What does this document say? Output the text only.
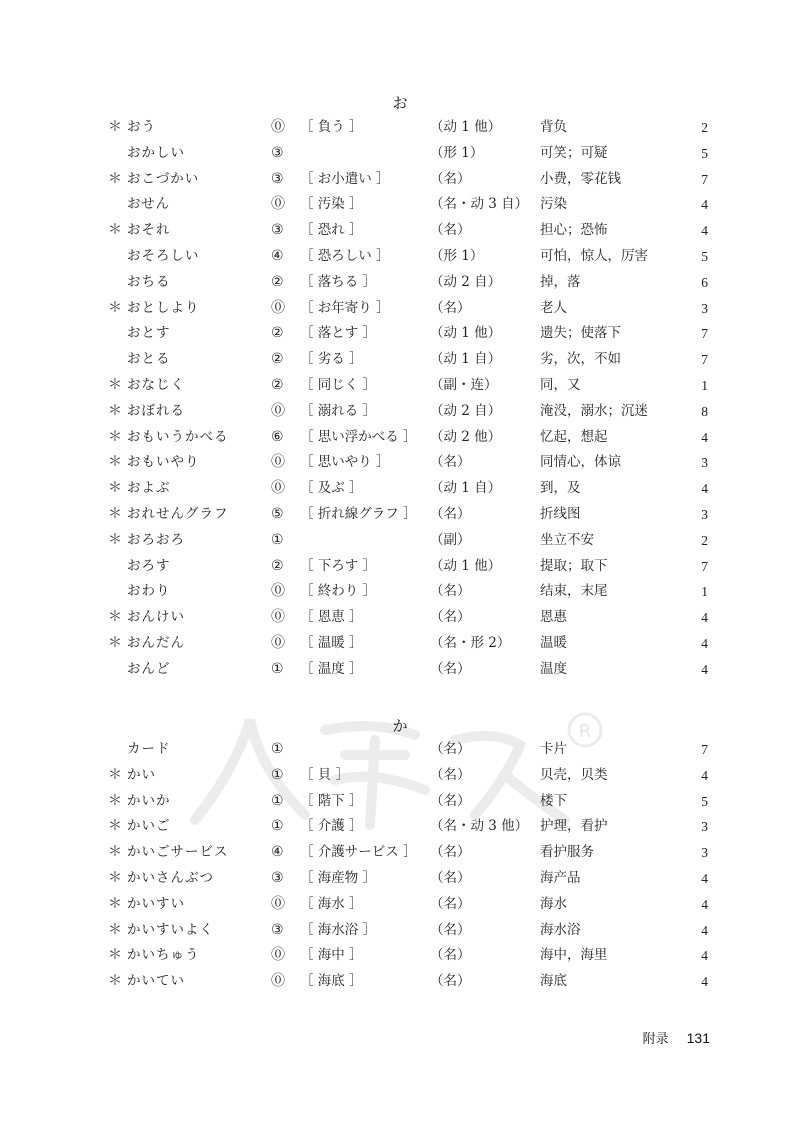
R
お
＊ おう	⓪ ［ 負う ］	（动 1 他）	背负	2
おかしい	③	（形 1）	可笑；可疑	5
＊ おこづかい	③ ［ お小遣い ］	（名）	小费，零花钱	7
おせん	⓪ ［ 汚染 ］	（名・动 3 自） 污染	4
＊ おそれ	③ ［ 恐れ ］	（名）	担心；恐怖	4
おそろしい	④ ［ 恐ろしい ］	（形 1）	可怕，惊人，厉害	5
おちる	② ［ 落ちる ］	（动 2 自）	掉，落	6
＊ おとしより	⓪ ［ お年寄り ］	（名）	老人	3
おとす	② ［ 落とす ］	（动 1 他）	遗失；使落下	7
おとる	② ［ 劣る ］	（动 1 自）	劣，次，不如	7
＊ おなじく	② ［ 同じく ］	（副・连）	同，又	1
＊ おぼれる	⓪ ［ 溺れる ］	（动 2 自）	淹没，溺水；沉迷	8
＊ おもいうかべる	⑥ ［ 思い浮かべる ］ （动 2 他）	忆起，想起	4
＊ おもいやり	⓪ ［ 思いやり ］	（名）	同情心，体谅	3
＊ およぶ	⓪ ［ 及ぶ ］	（动 1 自）	到，及	4
＊ おれせんグラフ	⑤ ［ 折れ線グラフ ］ （名）	折线图	3
＊ おろおろ	①	（副）	坐立不安	2
おろす	② ［ 下ろす ］	（动 1 他）	提取；取下	7
おわり	⓪ ［ 終わり ］	（名）	结束，末尾	1
＊ おんけい	⓪ ［ 恩恵 ］	（名）	恩惠	4
＊ おんだん	⓪ ［ 温暖 ］	（名・形 2） 温暖	4
おんど	① ［ 温度 ］	（名）	温度	4
か
カード	①	（名）	卡片	7
＊ かい	① ［ 貝 ］	（名）	贝壳，贝类	4
＊ かいか	① ［ 階下 ］	（名）	楼下	5
＊ かいご	① ［ 介護 ］	（名・动 3 他） 护理，看护	3
＊ かいごサービス	④ ［ 介護サービス ］ （名）	看护服务	3
＊ かいさんぶつ	③ ［ 海産物 ］	（名）	海产品	4
＊ かいすい	⓪ ［ 海水 ］	（名）	海水	4
＊ かいすいよく	③ ［ 海水浴 ］	（名）	海水浴	4
＊ かいちゅう	⓪ ［ 海中 ］	（名）	海中，海里	4
＊ かいてい	⓪ ［ 海底 ］	（名）	海底	4
附录 131
